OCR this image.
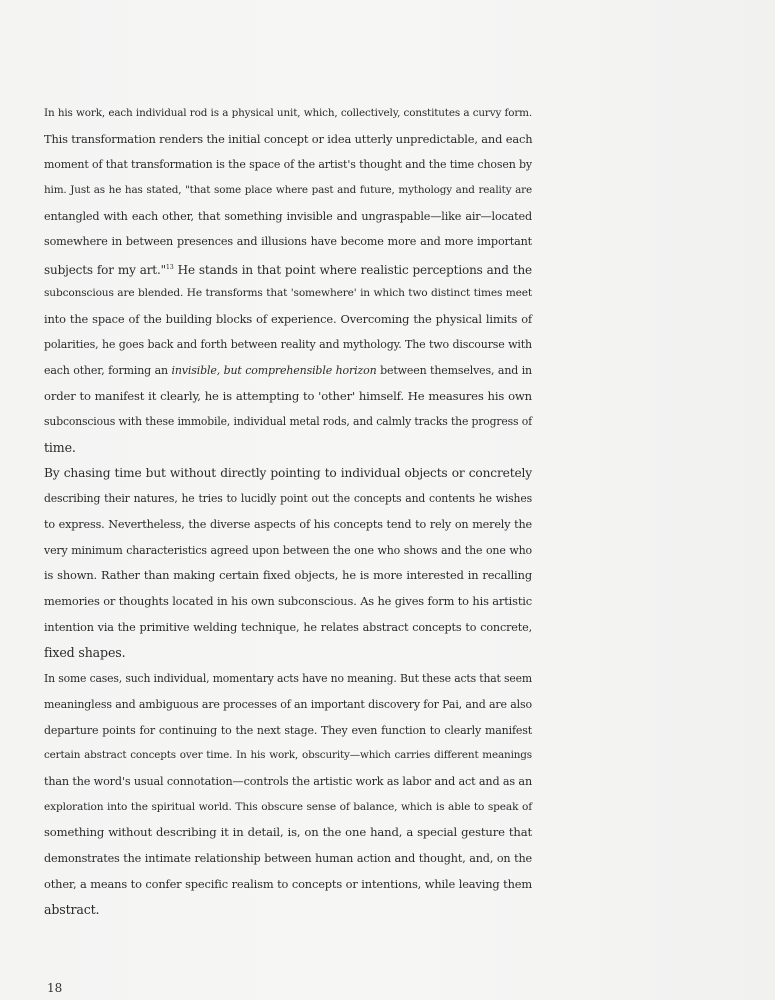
In his work, each individual rod is a physical unit, which, collectively, constitutes a curvy form.
This transformation renders the initial concept or idea utterly unpredictable, and each
moment of that transformation is the space of the artist's thought and the time chosen by
him. Just as he has stated, "that some place where past and future, mythology and reality are
entangled with each other, that something invisible and ungraspable—like air—located
somewhere in between presences and illusions have become more and more important
subjects for my art."$^{13}$ He stands in that point where realistic perceptions and the
subconscious are blended. He transforms that 'somewhere' in which two distinct times meet
into the space of the building blocks of experience. Overcoming the physical limits of
polarities, he goes back and forth between reality and mythology. The two discourse with
each other, forming an invisible, but comprehensible horizon between themselves, and in
order to manifest it clearly, he is attempting to 'other' himself. He measures his own
subconscious with these immobile, individual metal rods, and calmly tracks the progress of
time.
By chasing time but without directly pointing to individual objects or concretely
describing their natures, he tries to lucidly point out the concepts and contents he wishes
to express. Nevertheless, the diverse aspects of his concepts tend to rely on merely the
very minimum characteristics agreed upon between the one who shows and the one who
is shown. Rather than making certain fixed objects, he is more interested in recalling
memories or thoughts located in his own subconscious. As he gives form to his artistic
intention via the primitive welding technique, he relates abstract concepts to concrete,
fixed shapes.
In some cases, such individual, momentary acts have no meaning. But these acts that seem
meaningless and ambiguous are processes of an important discovery for Pai, and are also
departure points for continuing to the next stage. They even function to clearly manifest
certain abstract concepts over time. In his work, obscurity—which carries different meanings
than the word's usual connotation—controls the artistic work as labor and act and as an
exploration into the spiritual world. This obscure sense of balance, which is able to speak of
something without describing it in detail, is, on the one hand, a special gesture that
demonstrates the intimate relationship between human action and thought, and, on the
other, a means to confer specific realism to concepts or intentions, while leaving them
abstract.
18
